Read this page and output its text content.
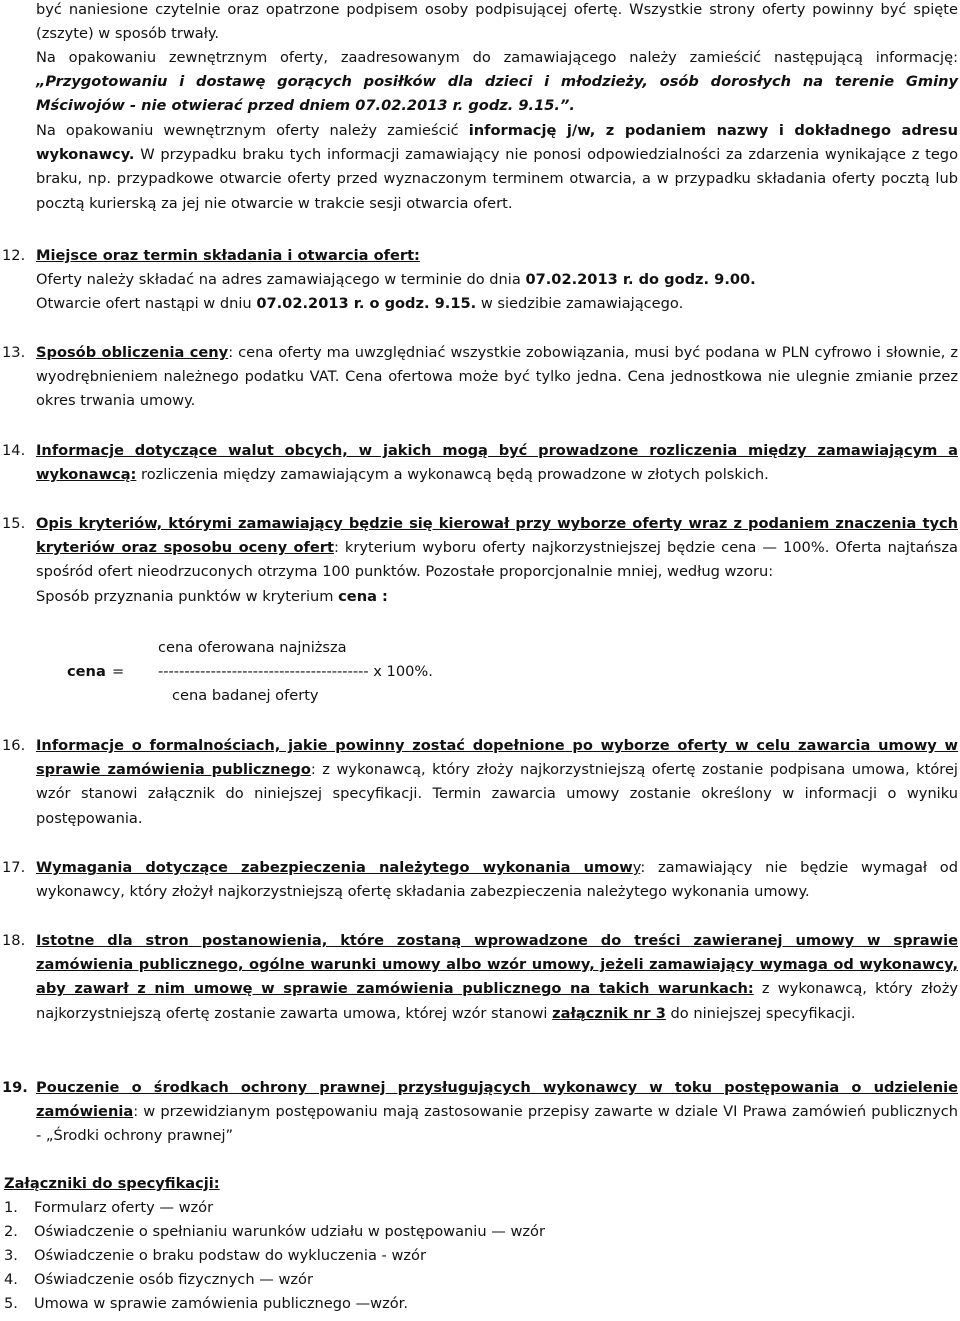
być naniesione czytelnie oraz opatrzone podpisem osoby podpisującej ofertę. Wszystkie strony oferty powinny być spięte (zszyte) w sposób trwały.
Na opakowaniu zewnętrznym oferty, zaadresowanym do zamawiającego należy zamieścić następującą informację: „Przygotowaniu i dostawę gorących posiłków dla dzieci i młodzieży, osób dorosłych na terenie Gminy Mściwojów - nie otwierać przed dniem 07.02.2013 r. godz. 9.15.”.
Na opakowaniu wewnętrznym oferty należy zamieścić informację j/w, z podaniem nazwy i dokładnego adresu wykonawcy. W przypadku braku tych informacji zamawiający nie ponosi odpowiedzialności za zdarzenia wynikające z tego braku, np. przypadkowe otwarcie oferty przed wyznaczonym terminem otwarcia, a w przypadku składania oferty pocztą lub pocztą kurierską za jej nie otwarcie w trakcie sesji otwarcia ofert.
12. Miejsce oraz termin składania i otwarcia ofert:
Oferty należy składać na adres zamawiającego w terminie do dnia 07.02.2013 r. do godz. 9.00.
Otwarcie ofert nastąpi w dniu 07.02.2013 r. o godz. 9.15. w siedzibie zamawiającego.
13. Sposób obliczenia ceny: cena oferty ma uwzględniać wszystkie zobowiązania, musi być podana w PLN cyfrowo i słownie, z wyodrębnieniem należnego podatku VAT. Cena ofertowa może być tylko jedna. Cena jednostkowa nie ulegnie zmianie przez okres trwania umowy.
14. Informacje dotyczące walut obcych, w jakich mogą być prowadzone rozliczenia między zamawiającym a wykonawcą: rozliczenia między zamawiającym a wykonawcą będą prowadzone w złotych polskich.
15. Opis kryteriów, którymi zamawiający będzie się kierował przy wyborze oferty wraz z podaniem znaczenia tych kryteriów oraz sposobu oceny ofert: kryterium wyboru oferty najkorzystniejszej będzie cena — 100%. Oferta najtańsza spośród ofert nieodrzuconych otrzyma 100 punktów. Pozostałe proporcjonalnie mniej, według wzoru:
Sposób przyznania punktów w kryterium cena :
cena oferowana najniższa
cena = ---------------------------------------- x 100%.
cena badanej oferty
16. Informacje o formalnościach, jakie powinny zostać dopełnione po wyborze oferty w celu zawarcia umowy w sprawie zamówienia publicznego: z wykonawcą, który złoży najkorzystniejszą ofertę zostanie podpisana umowa, której wzór stanowi załącznik do niniejszej specyfikacji. Termin zawarcia umowy zostanie określony w informacji o wyniku postępowania.
17. Wymagania dotyczące zabezpieczenia należytego wykonania umowy: zamawiający nie będzie wymagał od wykonawcy, który złożył najkorzystniejszą ofertę składania zabezpieczenia należytego wykonania umowy.
18. Istotne dla stron postanowienia, które zostaną wprowadzone do treści zawieranej umowy w sprawie zamówienia publicznego, ogólne warunki umowy albo wzór umowy, jeżeli zamawiający wymaga od wykonawcy, aby zawarł z nim umowę w sprawie zamówienia publicznego na takich warunkach: z wykonawcą, który złoży najkorzystniejszą ofertę zostanie zawarta umowa, której wzór stanowi załącznik nr 3 do niniejszej specyfikacji.
19. Pouczenie o środkach ochrony prawnej przysługujących wykonawcy w toku postępowania o udzielenie zamówienia: w przewidzianym postępowaniu mają zastosowanie przepisy zawarte w dziale VI Prawa zamówień publicznych - „Środki ochrony prawnej”
Załączniki do specyfikacji:
1. Formularz oferty — wzór
2. Oświadczenie o spełnianiu warunków udziału w postępowaniu — wzór
3. Oświadczenie o braku podstaw do wykluczenia - wzór
4. Oświadczenie osób fizycznych — wzór
5. Umowa w sprawie zamówienia publicznego —wzór.
